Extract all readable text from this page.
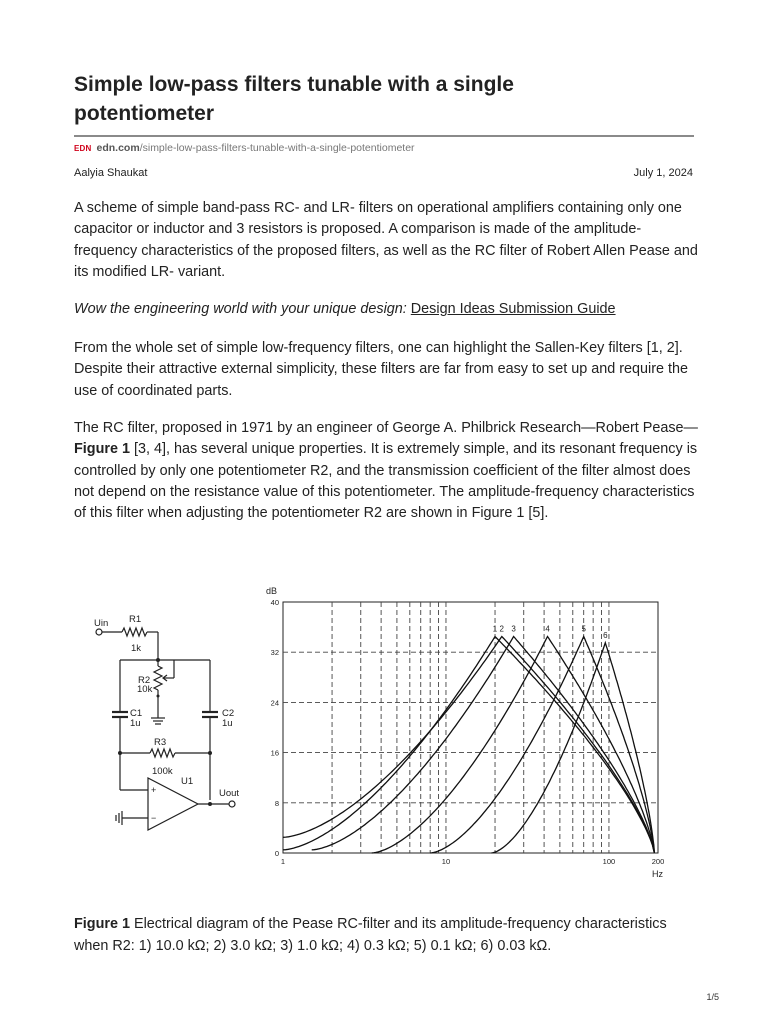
Simple low-pass filters tunable with a single potentiometer
EDN edn.com/simple-low-pass-filters-tunable-with-a-single-potentiometer
Aalyia Shaukat	July 1, 2024

A scheme of simple band-pass RC- and LR- filters on operational amplifiers containing only one capacitor or inductor and 3 resistors is proposed. A comparison is made of the amplitude-frequency characteristics of the proposed filters, as well as the RC filter of Robert Allen Pease and its modified LR- variant.

Wow the engineering world with your unique design: Design Ideas Submission Guide

From the whole set of simple low-frequency filters, one can highlight the Sallen-Key filters [1, 2]. Despite their attractive external simplicity, these filters are far from easy to set up and require the use of coordinated parts.

The RC filter, proposed in 1971 by an engineer of George A. Philbrick Research—Robert Pease—Figure 1 [3, 4], has several unique properties. It is extremely simple, and its resonant frequency is controlled by only one potentiometer R2, and the transmission coefficient of the filter almost does not depend on the resistance value of this potentiometer. The amplitude-frequency characteristics of this filter when adjusting the potentiometer R2 are shown in Figure 1 [5].

Uin R1
1k
R2
10k
C1
1u
C2
1u
R3
100k
U1
Uout
+
−
0
8
16
24
32
40
1	10	100	200
1 2 3	4	5
6
dB
Hz

Figure 1 Electrical diagram of the Pease RC-filter and its amplitude-frequency characteristics when R2: 1) 10.0 kΩ; 2) 3.0 kΩ; 3) 1.0 kΩ; 4) 0.3 kΩ; 5) 0.1 kΩ; 6) 0.03 kΩ.

1/5
